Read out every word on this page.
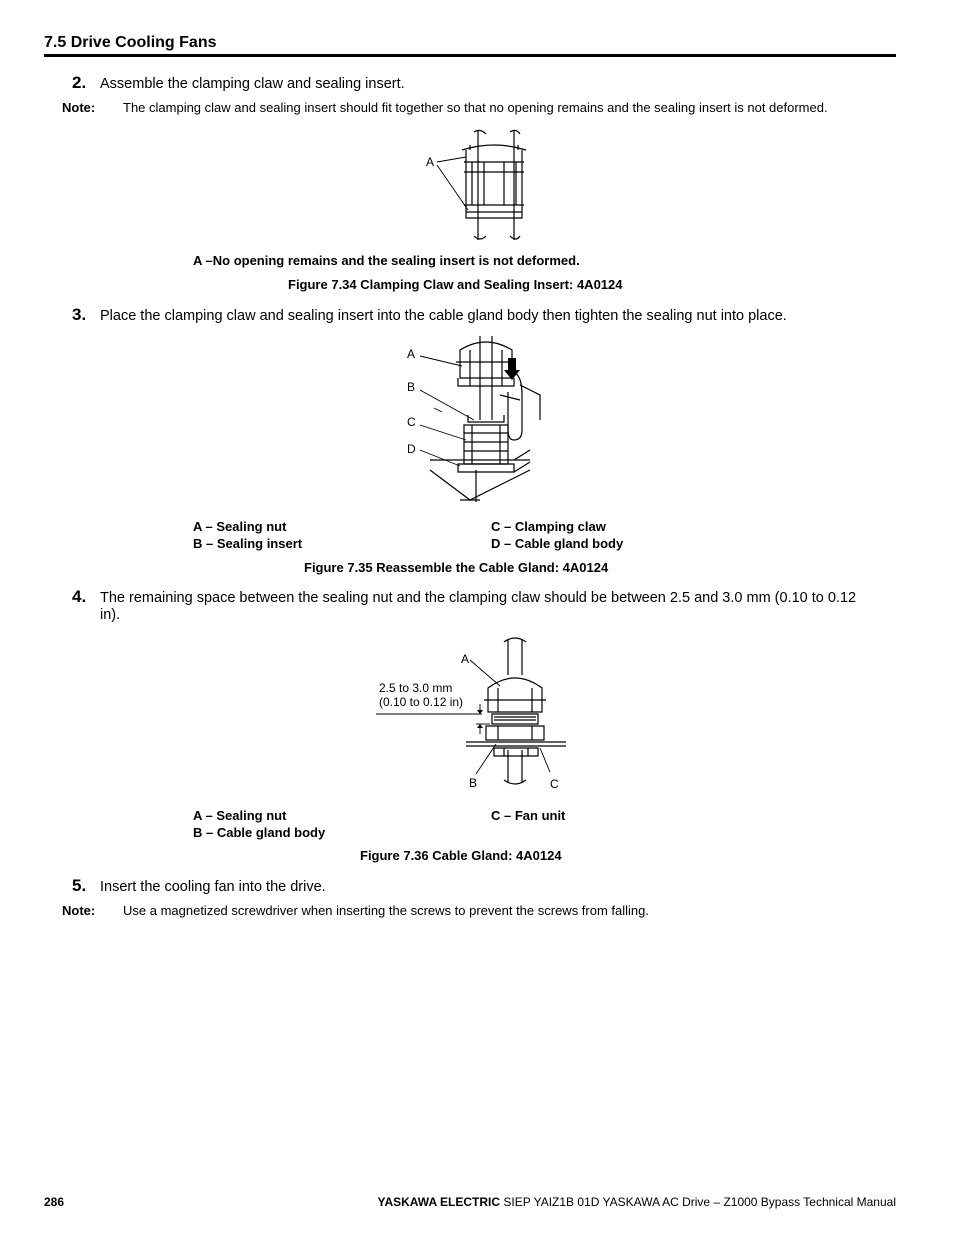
7.5 Drive Cooling Fans
2. Assemble the clamping claw and sealing insert.
Note: The clamping claw and sealing insert should fit together so that no opening remains and the sealing insert is not deformed.
A
A –No opening remains and the sealing insert is not deformed.
Figure 7.34 Clamping Claw and Sealing Insert: 4A0124
3. Place the clamping claw and sealing insert into the cable gland body then tighten the sealing nut into place.
A
B
C
D
A – Sealing nut
B – Sealing insert
C – Clamping claw
D – Cable gland body
Figure 7.35 Reassemble the Cable Gland: 4A0124
4. The remaining space between the sealing nut and the clamping claw should be between 2.5 and 3.0 mm (0.10 to 0.12
in).
A
B	C
2.5 to 3.0 mm
(0.10 to 0.12 in)
A – Sealing nut
B – Cable gland body
C – Fan unit
Figure 7.36 Cable Gland: 4A0124
5. Insert the cooling fan into the drive.
Note: Use a magnetized screwdriver when inserting the screws to prevent the screws from falling.
286	YASKAWA ELECTRIC SIEP YAIZ1B 01D YASKAWA AC Drive – Z1000 Bypass Technical Manual
